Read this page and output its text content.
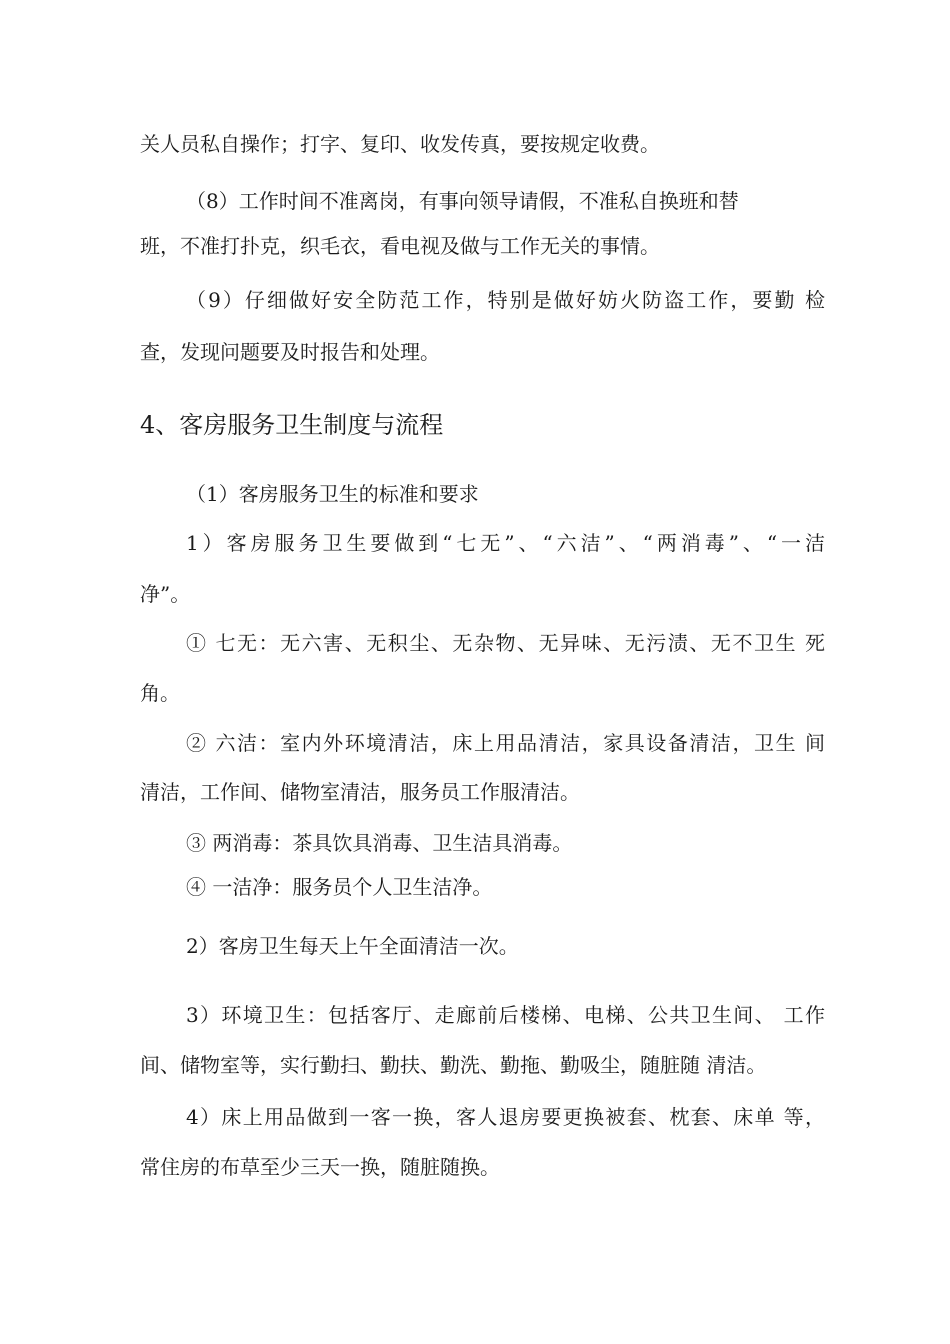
关人员私自操作；打字、复印、收发传真，要按规定收费。

（8）工作时间不准离岗，有事向领导请假，不准私自换班和替

班，不准打扑克，织毛衣，看电视及做与工作无关的事情。

（9）仔细做好安全防范工作，特别是做好妨火防盗工作，要勤 检

查，发现问题要及时报告和处理。

4、客房服务卫生制度与流程

（1）客房服务卫生的标准和要求

1）客房服务卫生要做到“七无”、“六洁”、“两消毒”、“一洁

净”。

① 七无：无六害、无积尘、无杂物、无异味、无污渍、无不卫生 死

角。

② 六洁：室内外环境清洁，床上用品清洁，家具设备清洁，卫生 间

清洁，工作间、储物室清洁，服务员工作服清洁。

③ 两消毒：茶具饮具消毒、卫生洁具消毒。

④ 一洁净：服务员个人卫生洁净。

2）客房卫生每天上午全面清洁一次。

3）环境卫生：包括客厅、走廊前后楼梯、电梯、公共卫生间、 工作

间、储物室等，实行勤扫、勤扶、勤洗、勤拖、勤吸尘，随脏随 清洁。

4）床上用品做到一客一换，客人退房要更换被套、枕套、床单 等，

常住房的布草至少三天一换，随脏随换。
